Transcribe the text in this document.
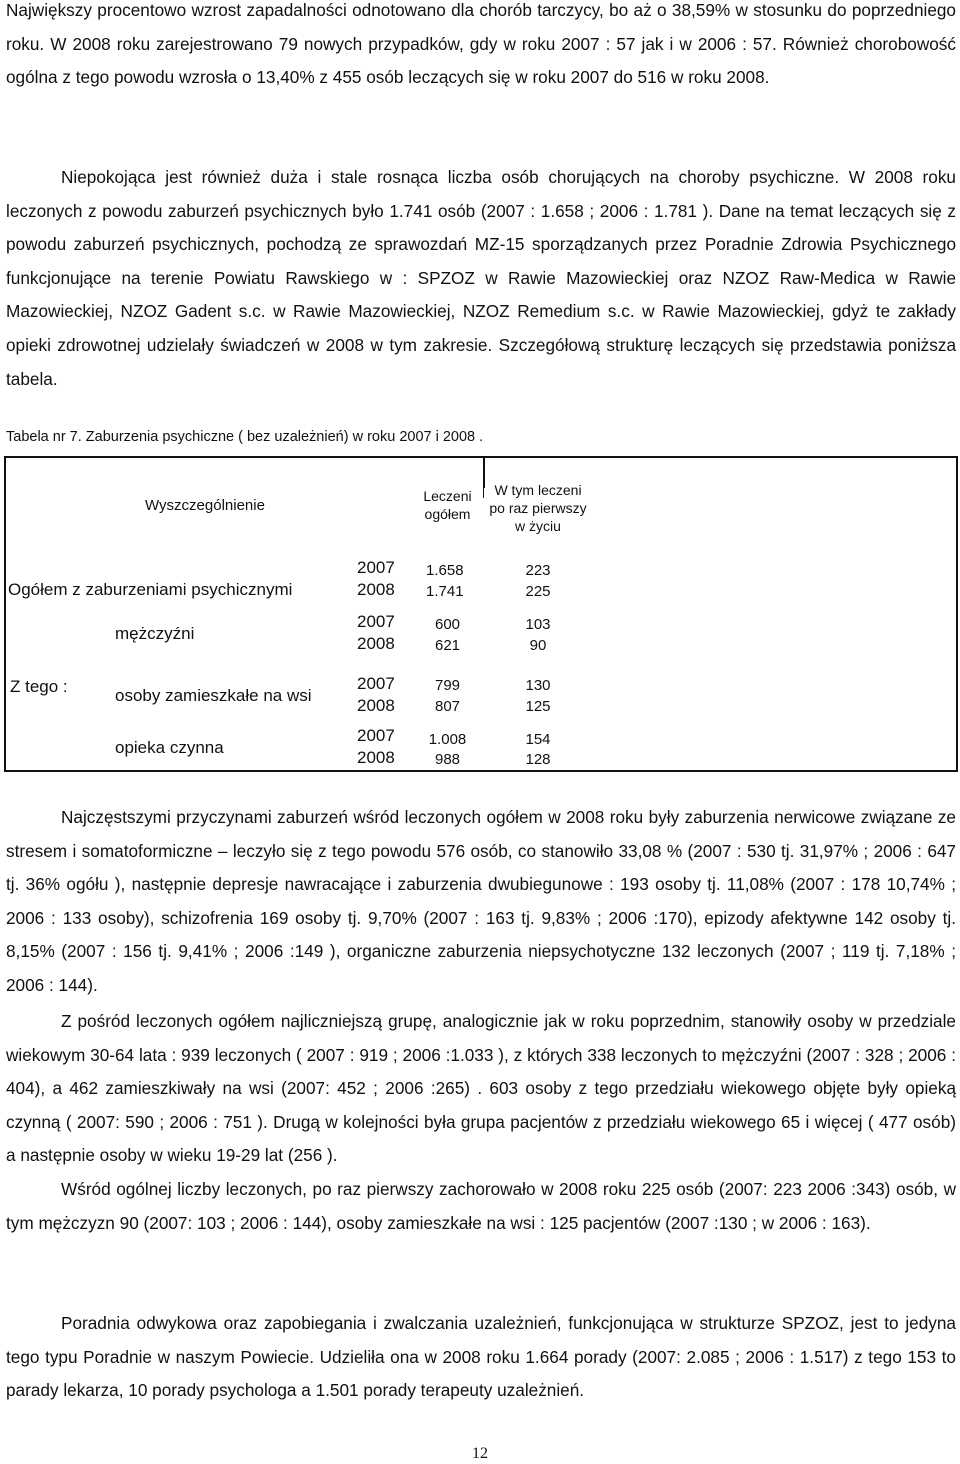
Największy procentowo wzrost zapadalności odnotowano dla chorób tarczycy, bo aż o 38,59% w stosunku do poprzedniego roku. W 2008 roku zarejestrowano 79 nowych przypadków, gdy w roku 2007 : 57 jak i w 2006 : 57. Również chorobowość ogólna z tego powodu wzrosła o 13,40% z 455 osób leczących się w roku 2007 do 516 w roku 2008.

Niepokojąca jest również duża i stale rosnąca liczba osób chorujących na choroby psychiczne. W 2008 roku leczonych z powodu zaburzeń psychicznych było 1.741 osób (2007 : 1.658 ; 2006 : 1.781 ). Dane na temat leczących się z powodu zaburzeń psychicznych, pochodzą ze sprawozdań MZ-15 sporządzanych przez Poradnie Zdrowia Psychicznego funkcjonujące na terenie Powiatu Rawskiego w : SPZOZ w Rawie Mazowieckiej oraz NZOZ Raw-Medica w Rawie Mazowieckiej, NZOZ Gadent s.c. w Rawie Mazowieckiej, NZOZ Remedium s.c. w Rawie Mazowieckiej, gdyż te zakłady opieki zdrowotnej udzielały świadczeń w 2008 w tym zakresie. Szczegółową strukturę leczących się przedstawia poniższa tabela.

Tabela nr 7. Zaburzenia psychiczne ( bez uzależnień) w roku 2007 i 2008 .
Wyszczególnienie
Leczeni ogółem
W tym leczeni po raz pierwszy w życiu
Ogółem z zaburzeniami psychicznymi
2007
2008
1.658
1.741
223
225
Z tego :
mężczyźni
2007
2008
600
621
103
90
osoby zamieszkałe na wsi
2007
2008
799
807
130
125
opieka czynna
2007
2008
1.008
988
154
128

Najczęstszymi przyczynami zaburzeń wśród leczonych ogółem w 2008 roku były zaburzenia nerwicowe związane ze stresem i somatoformiczne – leczyło się z tego powodu 576 osób, co stanowiło 33,08 % (2007 : 530 tj. 31,97% ; 2006 : 647 tj. 36% ogółu ), następnie depresje nawracające i zaburzenia dwubiegunowe : 193 osoby tj. 11,08% (2007 : 178 10,74% ; 2006 : 133 osoby), schizofrenia 169 osoby tj. 9,70% (2007 : 163 tj. 9,83% ; 2006 :170), epizody afektywne 142 osoby tj. 8,15% (2007 : 156 tj. 9,41% ; 2006 :149 ), organiczne zaburzenia niepsychotyczne 132 leczonych (2007 ; 119 tj. 7,18% ; 2006 : 144).

Z pośród leczonych ogółem najliczniejszą grupę, analogicznie jak w roku poprzednim, stanowiły osoby w przedziale wiekowym 30-64 lata : 939 leczonych ( 2007 : 919 ; 2006 :1.033 ), z których 338 leczonych to mężczyźni (2007 : 328 ; 2006 : 404), a 462 zamieszkiwały na wsi (2007: 452 ; 2006 :265) . 603 osoby z tego przedziału wiekowego objęte były opieką czynną ( 2007: 590 ; 2006 : 751 ). Drugą w kolejności była grupa pacjentów z przedziału wiekowego 65 i więcej ( 477 osób) a następnie osoby w wieku 19-29 lat (256 ).

Wśród ogólnej liczby leczonych, po raz pierwszy zachorowało w 2008 roku 225 osób (2007: 223 2006 :343) osób, w tym mężczyzn 90 (2007: 103 ; 2006 : 144), osoby zamieszkałe na wsi : 125 pacjentów (2007 :130 ; w 2006 : 163).

Poradnia odwykowa oraz zapobiegania i zwalczania uzależnień, funkcjonująca w strukturze SPZOZ, jest to jedyna tego typu Poradnie w naszym Powiecie. Udzieliła ona w 2008 roku 1.664 porady (2007: 2.085 ; 2006 : 1.517) z tego 153 to parady lekarza, 10 porady psychologa a 1.501 porady terapeuty uzależnień.

12
